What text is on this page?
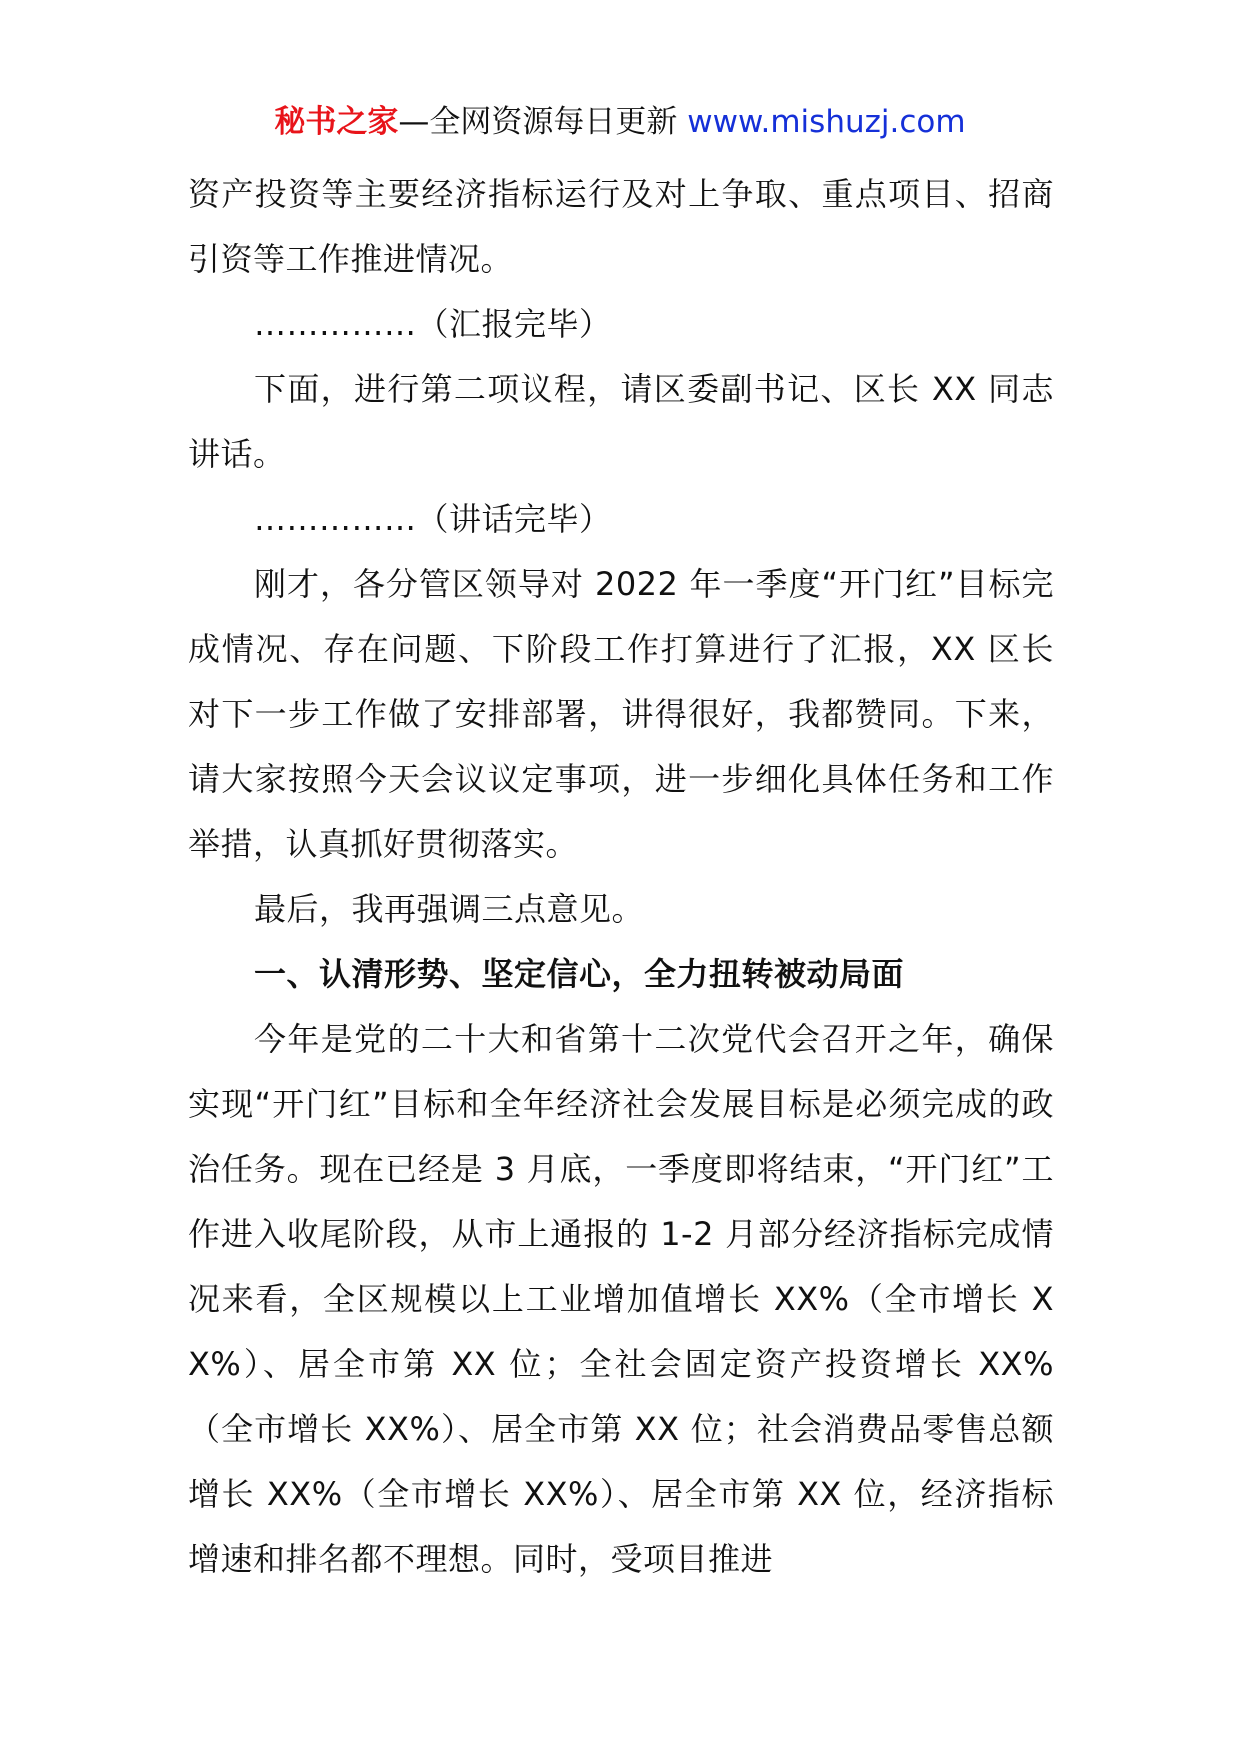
秘书之家—全网资源每日更新 www.mishuzj.com

资产投资等主要经济指标运行及对上争取、重点项目、招商引资等工作推进情况。

……………（汇报完毕）

下面，进行第二项议程，请区委副书记、区长 XX 同志讲话。

……………（讲话完毕）

刚才，各分管区领导对 2022 年一季度“开门红”目标完成情况、存在问题、下阶段工作打算进行了汇报，XX 区长对下一步工作做了安排部署，讲得很好，我都赞同。下来，请大家按照今天会议议定事项，进一步细化具体任务和工作举措，认真抓好贯彻落实。

最后，我再强调三点意见。

一、认清形势、坚定信心，全力扭转被动局面

今年是党的二十大和省第十二次党代会召开之年，确保实现“开门红”目标和全年经济社会发展目标是必须完成的政治任务。现在已经是 3 月底，一季度即将结束，“开门红”工作进入收尾阶段，从市上通报的 1-2 月部分经济指标完成情况来看，全区规模以上工业增加值增长 XX%（全市增长 XX%）、居全市第 XX 位；全社会固定资产投资增长 XX%（全市增长 XX%）、居全市第 XX 位；社会消费品零售总额增长 XX%（全市增长 XX%）、居全市第 XX 位，经济指标增速和排名都不理想。同时，受项目推进
